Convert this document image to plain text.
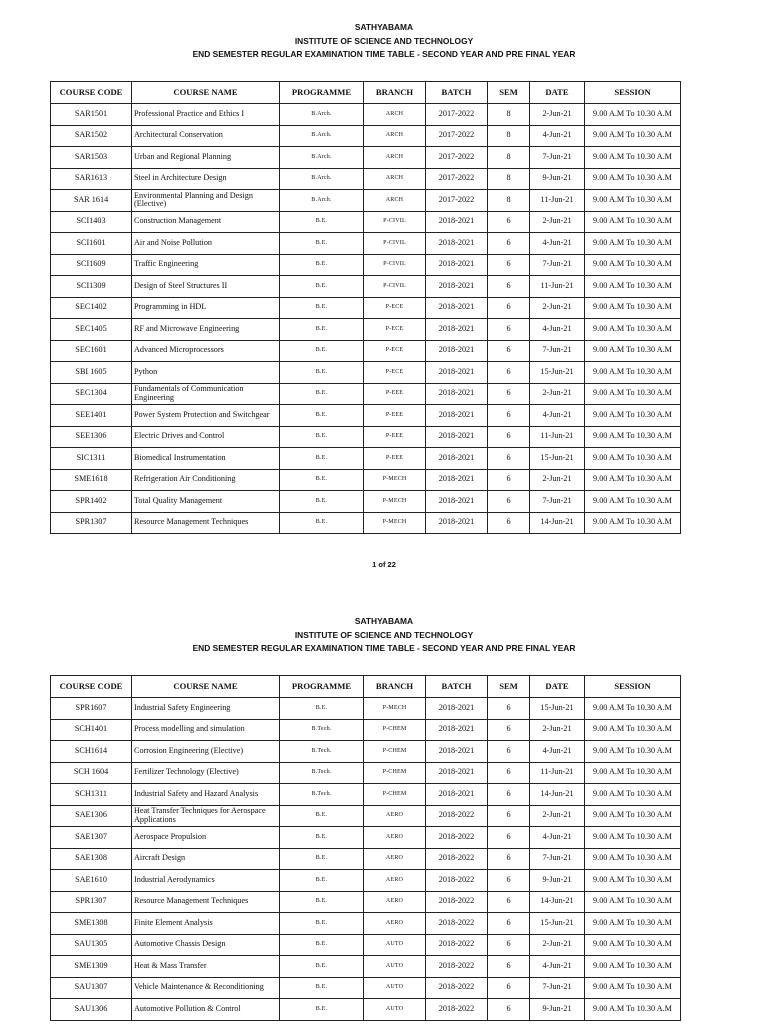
SATHYABAMA
INSTITUTE OF SCIENCE AND TECHNOLOGY
END SEMESTER REGULAR EXAMINATION TIME TABLE - SECOND YEAR AND PRE FINAL YEAR
COURSE CODE	COURSE NAME	PROGRAMME	BRANCH	BATCH	SEM	DATE	SESSION
SAR1501	Professional Practice and Ethics I	B.Arch.	ARCH	2017-2022	8	2-Jun-21	9.00 A.M To 10.30 A.M
SAR1502	Architectural Conservation	B.Arch.	ARCH	2017-2022	8	4-Jun-21	9.00 A.M To 10.30 A.M
SAR1503	Urban and Regional Planning	B.Arch.	ARCH	2017-2022	8	7-Jun-21	9.00 A.M To 10.30 A.M
SAR1613	Steel in Architecture Design	B.Arch.	ARCH	2017-2022	8	9-Jun-21	9.00 A.M To 10.30 A.M
SAR 1614	Environmental Planning and Design (Elective)	B.Arch.	ARCH	2017-2022	8	11-Jun-21	9.00 A.M To 10.30 A.M
SCI1403	Construction Management	B.E.	P-CIVIL	2018-2021	6	2-Jun-21	9.00 A.M To 10.30 A.M
SCI1601	Air and Noise Pollution	B.E.	P-CIVIL	2018-2021	6	4-Jun-21	9.00 A.M To 10.30 A.M
SCI1609	Traffic Engineering	B.E.	P-CIVIL	2018-2021	6	7-Jun-21	9.00 A.M To 10.30 A.M
SCI1309	Design of Steel Structures II	B.E.	P-CIVIL	2018-2021	6	11-Jun-21	9.00 A.M To 10.30 A.M
SEC1402	Programming in HDL	B.E.	P-ECE	2018-2021	6	2-Jun-21	9.00 A.M To 10.30 A.M
SEC1405	RF and Microwave Engineering	B.E.	P-ECE	2018-2021	6	4-Jun-21	9.00 A.M To 10.30 A.M
SEC1601	Advanced Microprocessors	B.E.	P-ECE	2018-2021	6	7-Jun-21	9.00 A.M To 10.30 A.M
SBI 1605	Python	B.E.	P-ECE	2018-2021	6	15-Jun-21	9.00 A.M To 10.30 A.M
SEC1304	Fundamentals of Communication Engineering	B.E.	P-EEE	2018-2021	6	2-Jun-21	9.00 A.M To 10.30 A.M
SEE1401	Power System Protection and Switchgear	B.E.	P-EEE	2018-2021	6	4-Jun-21	9.00 A.M To 10.30 A.M
SEE1306	Electric Drives and Control	B.E.	P-EEE	2018-2021	6	11-Jun-21	9.00 A.M To 10.30 A.M
SIC1311	Biomedical Instrumentation	B.E.	P-EEE	2018-2021	6	15-Jun-21	9.00 A.M To 10.30 A.M
SME1618	Refrigeration Air Conditioning	B.E.	P-MECH	2018-2021	6	2-Jun-21	9.00 A.M To 10.30 A.M
SPR1402	Total Quality Management	B.E.	P-MECH	2018-2021	6	7-Jun-21	9.00 A.M To 10.30 A.M
SPR1307	Resource Management Techniques	B.E.	P-MECH	2018-2021	6	14-Jun-21	9.00 A.M To 10.30 A.M
1 of 22
SATHYABAMA
INSTITUTE OF SCIENCE AND TECHNOLOGY
END SEMESTER REGULAR EXAMINATION TIME TABLE - SECOND YEAR AND PRE FINAL YEAR
COURSE CODE	COURSE NAME	PROGRAMME	BRANCH	BATCH	SEM	DATE	SESSION
SPR1607	Industrial Safety Engineering	B.E.	P-MECH	2018-2021	6	15-Jun-21	9.00 A.M To 10.30 A.M
SCH1401	Process modelling and simulation	B.Tech.	P-CHEM	2018-2021	6	2-Jun-21	9.00 A.M To 10.30 A.M
SCH1614	Corrosion Engineering (Elective)	B.Tech.	P-CHEM	2018-2021	6	4-Jun-21	9.00 A.M To 10.30 A.M
SCH 1604	Fertilizer Technology (Elective)	B.Tech.	P-CHEM	2018-2021	6	11-Jun-21	9.00 A.M To 10.30 A.M
SCH1311	Industrial Safety and Hazard Analysis	B.Tech.	P-CHEM	2018-2021	6	14-Jun-21	9.00 A.M To 10.30 A.M
SAE1306	Heat Transfer Techniques for Aerospace Applications	B.E.	AERO	2018-2022	6	2-Jun-21	9.00 A.M To 10.30 A.M
SAE1307	Aerospace Propulsion	B.E.	AERO	2018-2022	6	4-Jun-21	9.00 A.M To 10.30 A.M
SAE1308	Aircraft Design	B.E.	AERO	2018-2022	6	7-Jun-21	9.00 A.M To 10.30 A.M
SAE1610	Industrial Aerodynamics	B.E.	AERO	2018-2022	6	9-Jun-21	9.00 A.M To 10.30 A.M
SPR1307	Resource Management Techniques	B.E.	AERO	2018-2022	6	14-Jun-21	9.00 A.M To 10.30 A.M
SME1308	Finite Element Analysis	B.E.	AERO	2018-2022	6	15-Jun-21	9.00 A.M To 10.30 A.M
SAU1305	Automotive Chassis Design	B.E.	AUTO	2018-2022	6	2-Jun-21	9.00 A.M To 10.30 A.M
SME1309	Heat & Mass Transfer	B.E.	AUTO	2018-2022	6	4-Jun-21	9.00 A.M To 10.30 A.M
SAU1307	Vehicle Maintenance & Reconditioning	B.E.	AUTO	2018-2022	6	7-Jun-21	9.00 A.M To 10.30 A.M
SAU1306	Automotive Pollution & Control	B.E.	AUTO	2018-2022	6	9-Jun-21	9.00 A.M To 10.30 A.M
